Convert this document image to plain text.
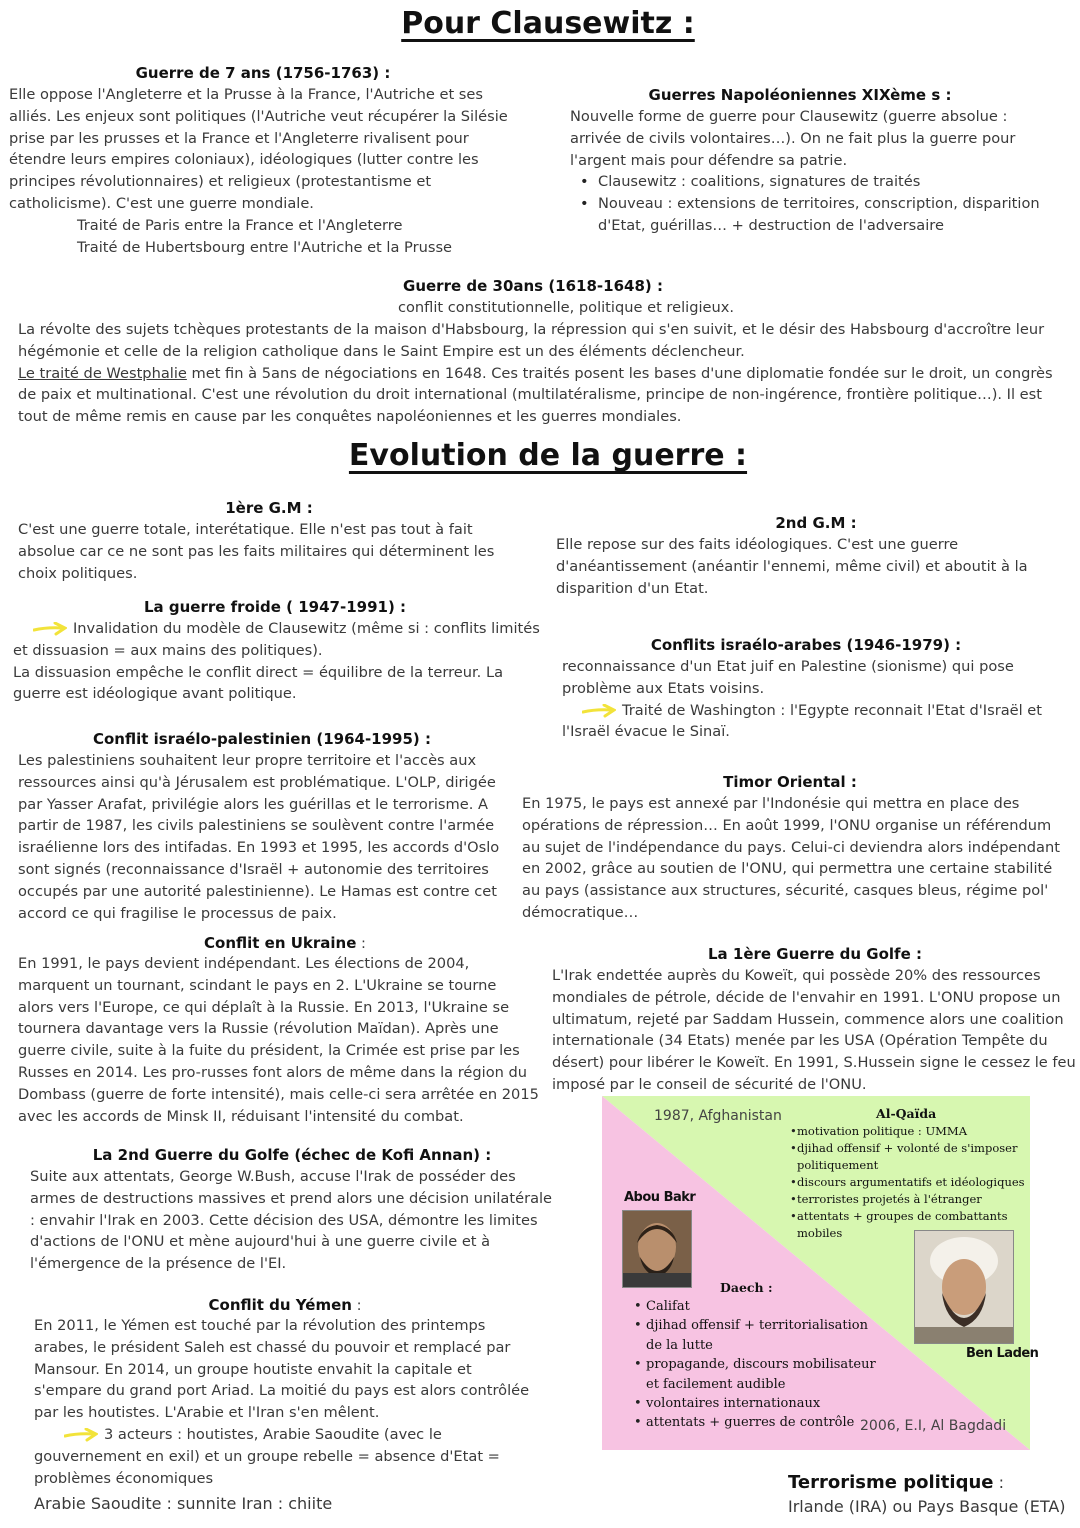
Pour Clausewitz :
Evolution de la guerre :
Guerre de 7 ans (1756-1763) :
Elle oppose l'Angleterre et la Prusse à la France, l'Autriche et ses
alliés. Les enjeux sont politiques (l'Autriche veut récupérer la Silésie
prise par les prusses et la France et l'Angleterre rivalisent pour
étendre leurs empires coloniaux), idéologiques (lutter contre les
principes révolutionnaires) et religieux (protestantisme et
catholicisme). C'est une guerre mondiale.
Traité de Paris entre la France et l'Angleterre
Traité de Hubertsbourg entre l'Autriche et la Prusse
Guerres Napoléoniennes XIXème s :
Nouvelle forme de guerre pour Clausewitz (guerre absolue :
arrivée de civils volontaires…). On ne fait plus la guerre pour
l'argent mais pour défendre sa patrie.
• Clausewitz : coalitions, signatures de traités
• Nouveau : extensions de territoires, conscription, disparition
d'Etat, guérillas… + destruction de l'adversaire
Guerre de 30ans (1618-1648) :
conflit constitutionnelle, politique et religieux.
La révolte des sujets tchèques protestants de la maison d'Habsbourg, la répression qui s'en suivit, et le désir des Habsbourg d'accroître leur
hégémonie et celle de la religion catholique dans le Saint Empire est un des éléments déclencheur.
Le traité de Westphalie met fin à 5ans de négociations en 1648. Ces traités posent les bases d'une diplomatie fondée sur le droit, un congrès
de paix et multinational. C'est une révolution du droit international (multilatéralisme, principe de non-ingérence, frontière politique…). Il est
tout de même remis en cause par les conquêtes napoléoniennes et les guerres mondiales.
1ère G.M :
C'est une guerre totale, interétatique. Elle n'est pas tout à fait
absolue car ce ne sont pas les faits militaires qui déterminent les
choix politiques.
2nd G.M :
Elle repose sur des faits idéologiques. C'est une guerre
d'anéantissement (anéantir l'ennemi, même civil) et aboutit à la
disparition d'un Etat.
La guerre froide ( 1947-1991) :
Invalidation du modèle de Clausewitz (même si : conflits limités
et dissuasion = aux mains des politiques).
La dissuasion empêche le conflit direct = équilibre de la terreur. La
guerre est idéologique avant politique.
Conflits israélo-arabes (1946-1979) :
reconnaissance d'un Etat juif en Palestine (sionisme) qui pose
problème aux Etats voisins.
Traité de Washington : l'Egypte reconnait l'Etat d'Israël et
l'Israël évacue le Sinaï.
Conflit israélo-palestinien (1964-1995) :
Les palestiniens souhaitent leur propre territoire et l'accès aux
ressources ainsi qu'à Jérusalem est problématique. L'OLP, dirigée
par Yasser Arafat, privilégie alors les guérillas et le terrorisme. A
partir de 1987, les civils palestiniens se soulèvent contre l'armée
israélienne lors des intifadas. En 1993 et 1995, les accords d'Oslo
sont signés (reconnaissance d'Israël + autonomie des territoires
occupés par une autorité palestinienne). Le Hamas est contre cet
accord ce qui fragilise le processus de paix.
Timor Oriental :
En 1975, le pays est annexé par l'Indonésie qui mettra en place des
opérations de répression… En août 1999, l'ONU organise un référendum
au sujet de l'indépendance du pays. Celui-ci deviendra alors indépendant
en 2002, grâce au soutien de l'ONU, qui permettra une certaine stabilité
au pays (assistance aux structures, sécurité, casques bleus, régime pol'
démocratique…
Conflit en Ukraine :
En 1991, le pays devient indépendant. Les élections de 2004,
marquent un tournant, scindant le pays en 2. L'Ukraine se tourne
alors vers l'Europe, ce qui déplaît à la Russie. En 2013, l'Ukraine se
tournera davantage vers la Russie (révolution Maïdan). Après une
guerre civile, suite à la fuite du président, la Crimée est prise par les
Russes en 2014. Les pro-russes font alors de même dans la région du
Dombass (guerre de forte intensité), mais celle-ci sera arrêtée en 2015
avec les accords de Minsk II, réduisant l'intensité du combat.
La 1ère Guerre du Golfe :
L'Irak endettée auprès du Koweït, qui possède 20% des ressources
mondiales de pétrole, décide de l'envahir en 1991. L'ONU propose un
ultimatum, rejeté par Saddam Hussein, commence alors une coalition
internationale (34 Etats) menée par les USA (Opération Tempête du
désert) pour libérer le Koweït. En 1991, S.Hussein signe le cessez le feu
imposé par le conseil de sécurité de l'ONU.
La 2nd Guerre du Golfe (échec de Kofi Annan) :
Suite aux attentats, George W.Bush, accuse l'Irak de posséder des
armes de destructions massives et prend alors une décision unilatérale
: envahir l'Irak en 2003. Cette décision des USA, démontre les limites
d'actions de l'ONU et mène aujourd'hui à une guerre civile et à
l'émergence de la présence de l'EI.
Conflit du Yémen :
En 2011, le Yémen est touché par la révolution des printemps
arabes, le président Saleh est chassé du pouvoir et remplacé par
Mansour. En 2014, un groupe houtiste envahit la capitale et
s'empare du grand port Ariad. La moitié du pays est alors contrôlée
par les houtistes. L'Arabie et l'Iran s'en mêlent.
3 acteurs : houtistes, Arabie Saoudite (avec le
gouvernement en exil) et un groupe rebelle = absence d'Etat =
problèmes économiques
Arabie Saoudite : sunnite Iran : chiite
1987, Afghanistan	Al-Qaïda
• motivation politique : UMMA
• djihad offensif + volonté de s'imposer
politiquement
• discours argumentatifs et idéologiques
• terroristes projetés à l'étranger
• attentats + groupes de combattants
mobiles
Abou Bakr
Daech :
• Califat
• djihad offensif + territorialisation
de la lutte
• propagande, discours mobilisateur
et facilement audible
• volontaires internationaux
• attentats + guerres de contrôle
Ben Laden
2006, E.I, Al Bagdadi
Terrorisme politique :
Irlande (IRA) ou Pays Basque (ETA)
